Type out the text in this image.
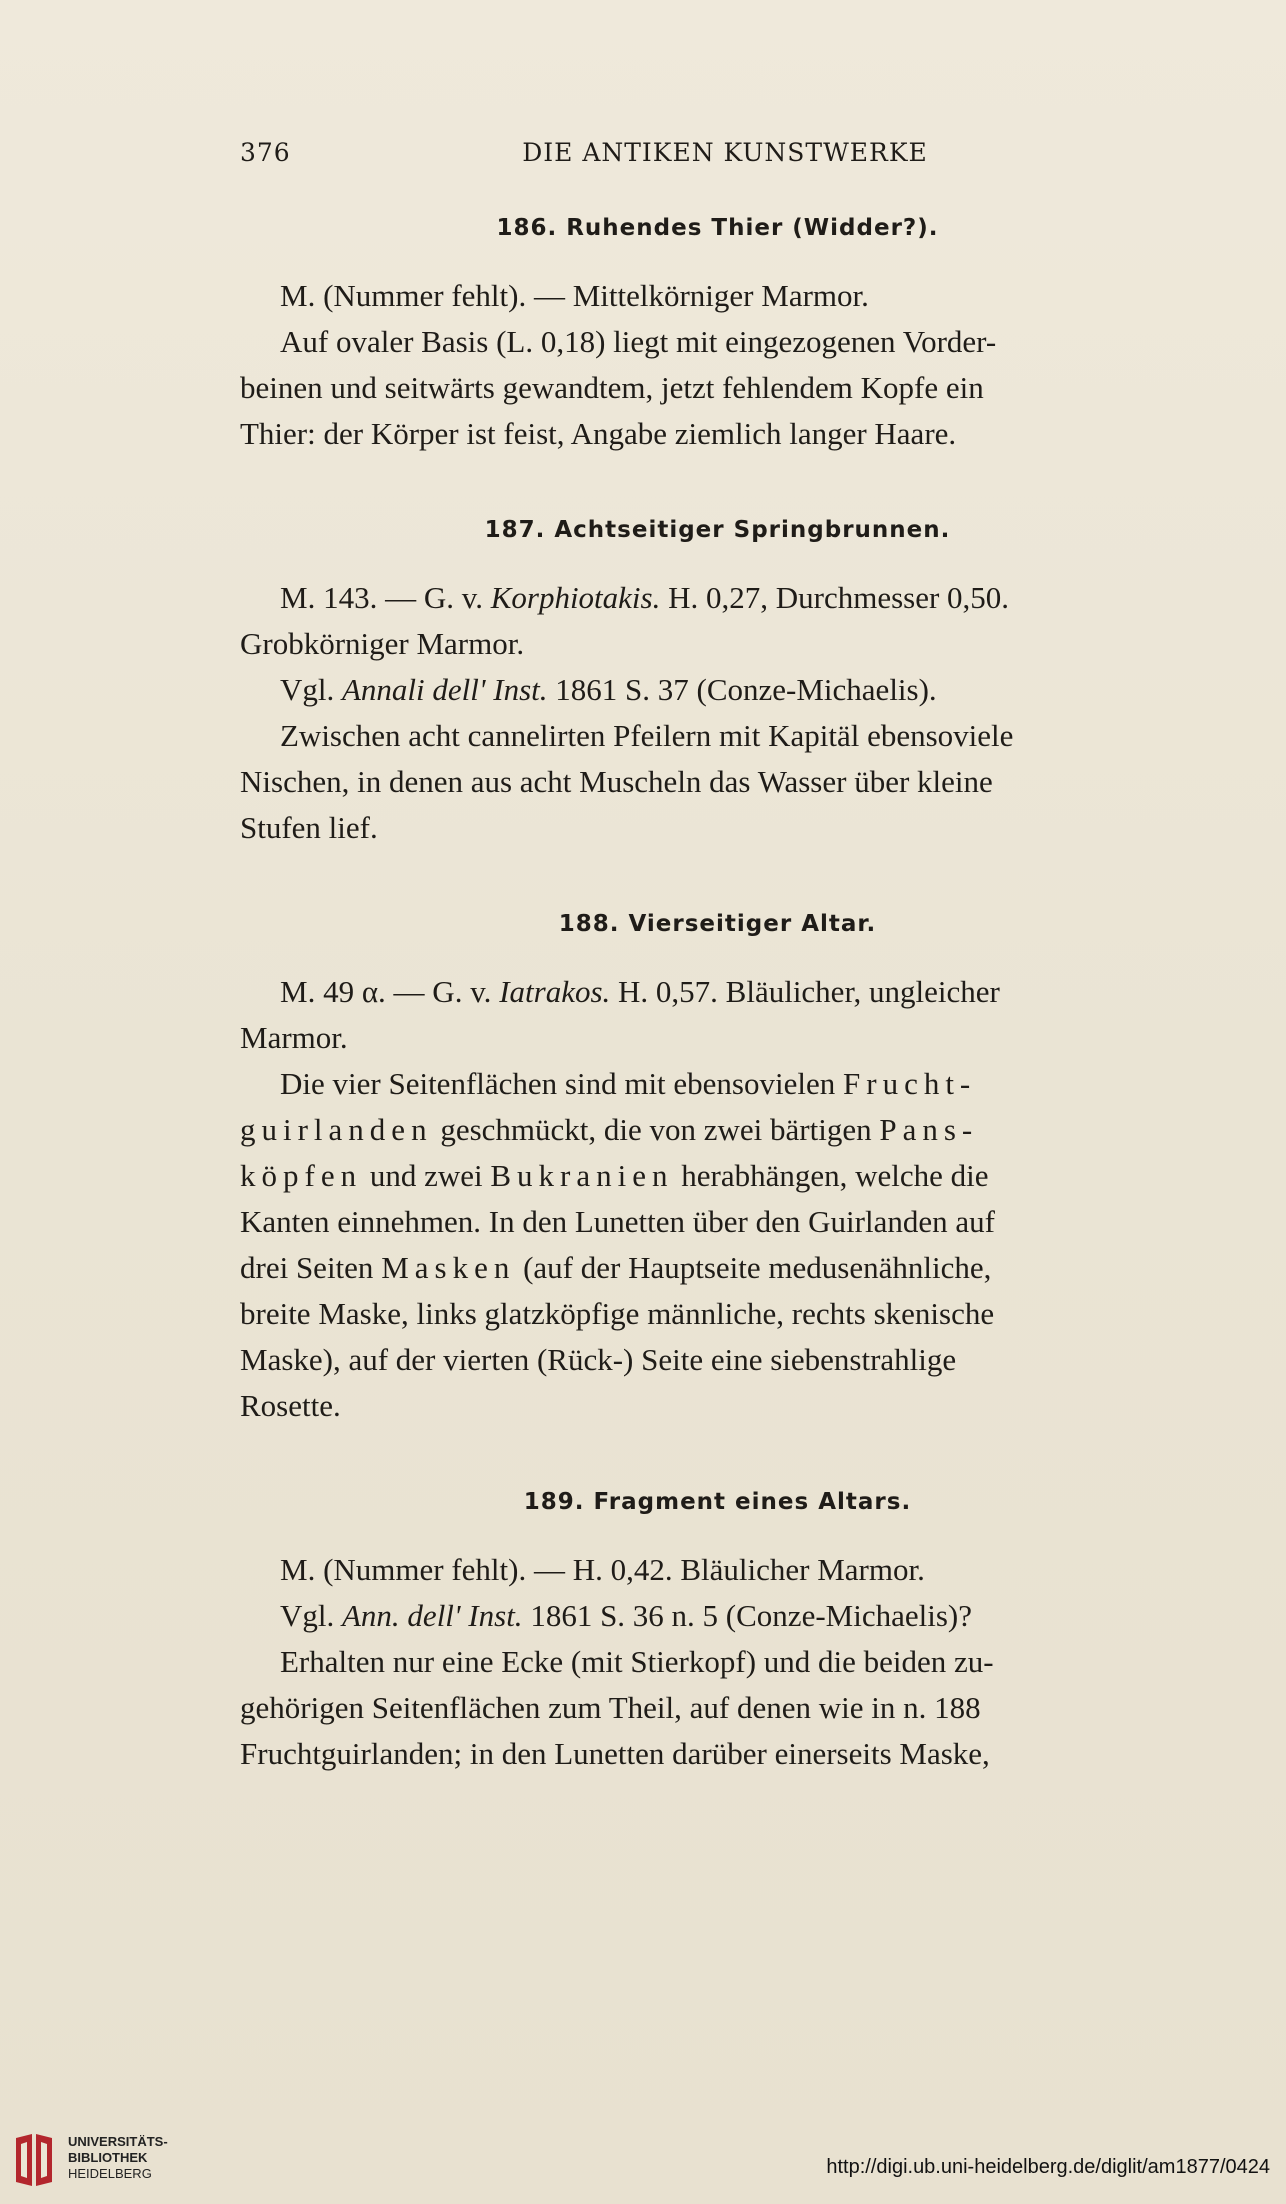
376	DIE ANTIKEN KUNSTWERKE
186. Ruhendes Thier (Widder?).

M. (Nummer fehlt). — Mittelkörniger Marmor.

Auf ovaler Basis (L. 0,18) liegt mit eingezogenen Vorder-

beinen und seitwärts gewandtem, jetzt fehlendem Kopfe ein

Thier: der Körper ist feist, Angabe ziemlich langer Haare.

187. Achtseitiger Springbrunnen.

M. 143. — G. v. Korphiotakis. H. 0,27, Durchmesser 0,50.

Grobkörniger Marmor.

Vgl. Annali dell' Inst. 1861 S. 37 (Conze-Michaelis).

Zwischen acht cannelirten Pfeilern mit Kapitäl ebensoviele

Nischen, in denen aus acht Muscheln das Wasser über kleine

Stufen lief.

188. Vierseitiger Altar.

M. 49 α. — G. v. Iatrakos. H. 0,57. Bläulicher, ungleicher

Marmor.

Die vier Seitenflächen sind mit ebensovielen Frucht-

guirlanden geschmückt, die von zwei bärtigen Pans-

köpfen und zwei Bukranien herabhängen, welche die

Kanten einnehmen. In den Lunetten über den Guirlanden auf

drei Seiten Masken (auf der Hauptseite medusenähnliche,

breite Maske, links glatzköpfige männliche, rechts skenische

Maske), auf der vierten (Rück-) Seite eine siebenstrahlige

Rosette.

189. Fragment eines Altars.

M. (Nummer fehlt). — H. 0,42. Bläulicher Marmor.

Vgl. Ann. dell' Inst. 1861 S. 36 n. 5 (Conze-Michaelis)?

Erhalten nur eine Ecke (mit Stierkopf) und die beiden zu-

gehörigen Seitenflächen zum Theil, auf denen wie in n. 188

Fruchtguirlanden; in den Lunetten darüber einerseits Maske,

UNIVERSITÄTS-
BIBLIOTHEK
HEIDELBERG	http://digi.ub.uni-heidelberg.de/diglit/am1877/0424
